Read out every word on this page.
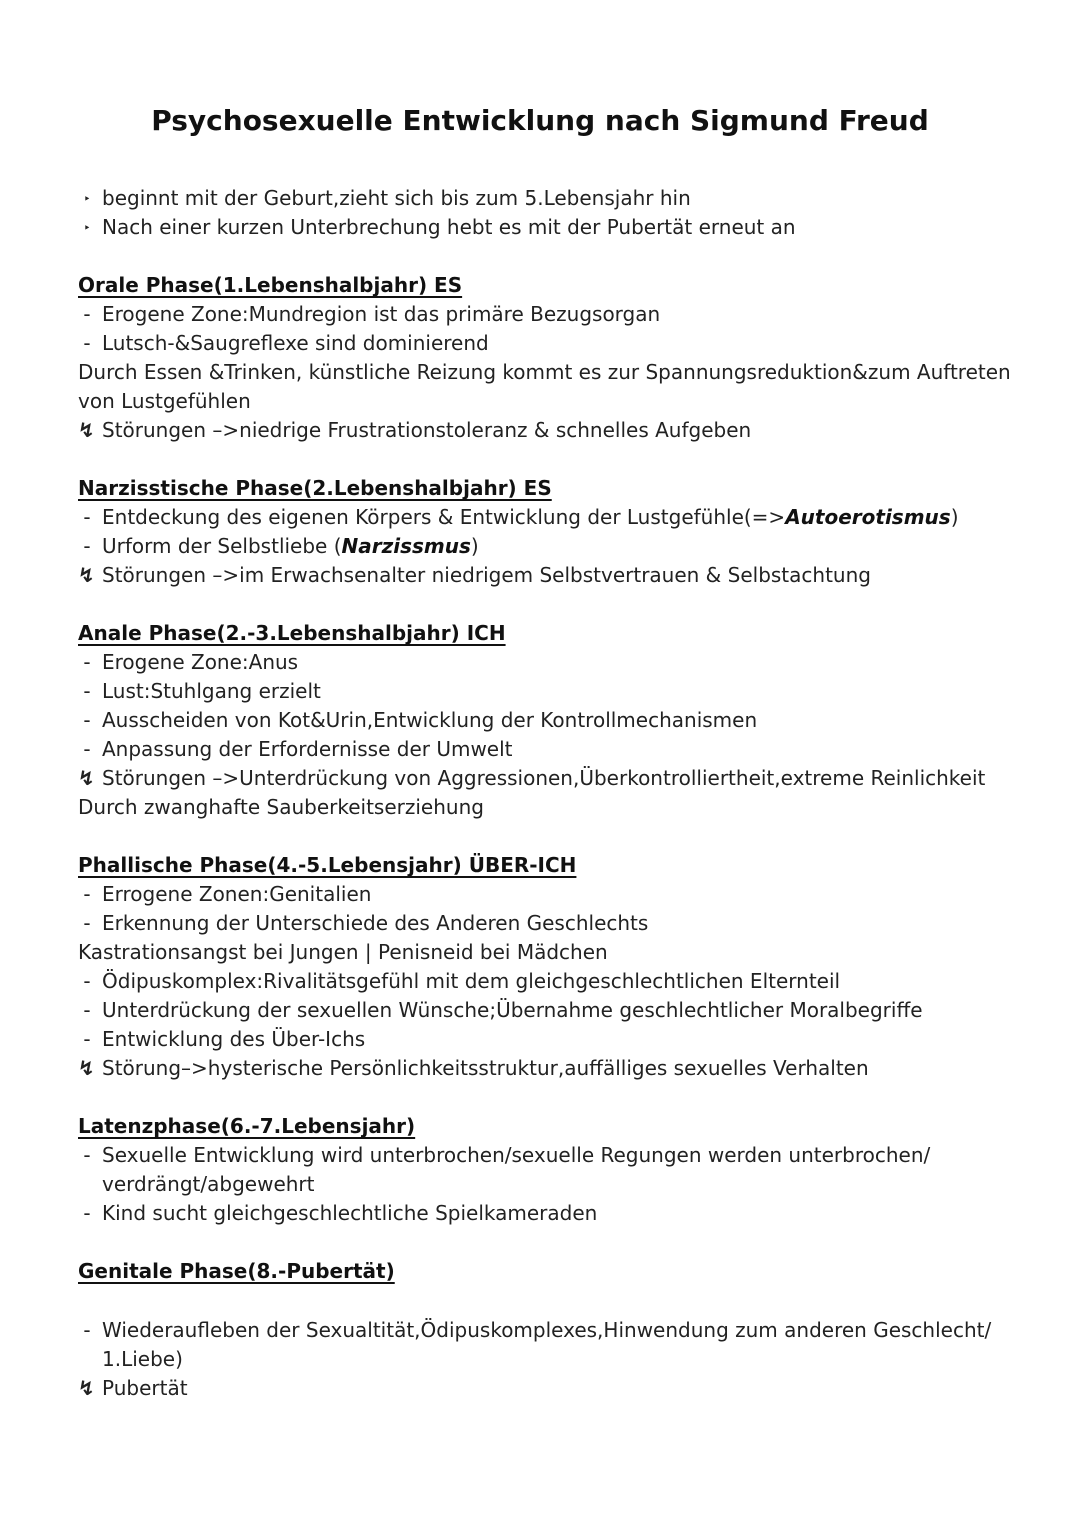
Psychosexuelle Entwicklung nach Sigmund Freud
‣ beginnt mit der Geburt,zieht sich bis zum 5.Lebensjahr hin
‣ Nach einer kurzen Unterbrechung hebt es mit der Pubertät erneut an
Orale Phase(1.Lebenshalbjahr) ES
- Erogene Zone:Mundregion ist das primäre Bezugsorgan
- Lutsch-&Saugreflexe sind dominierend
Durch Essen &Trinken, künstliche Reizung kommt es zur Spannungsreduktion&zum Auftreten
von Lustgefühlen
↯ Störungen –>niedrige Frustrationstoleranz & schnelles Aufgeben
Narzisstische Phase(2.Lebenshalbjahr) ES
- Entdeckung des eigenen Körpers & Entwicklung der Lustgefühle(=>Autoerotismus)
- Urform der Selbstliebe (Narzissmus)
↯ Störungen –>im Erwachsenalter niedrigem Selbstvertrauen & Selbstachtung
Anale Phase(2.-3.Lebenshalbjahr) ICH
- Erogene Zone:Anus
- Lust:Stuhlgang erzielt
- Ausscheiden von Kot&Urin,Entwicklung der Kontrollmechanismen
- Anpassung der Erfordernisse der Umwelt
↯ Störungen –>Unterdrückung von Aggressionen,Überkontrolliertheit,extreme Reinlichkeit
Durch zwanghafte Sauberkeitserziehung
Phallische Phase(4.-5.Lebensjahr) ÜBER-ICH
- Errogene Zonen:Genitalien
- Erkennung der Unterschiede des Anderen Geschlechts
Kastrationsangst bei Jungen | Penisneid bei Mädchen
- Ödipuskomplex:Rivalitätsgefühl mit dem gleichgeschlechtlichen Elternteil
- Unterdrückung der sexuellen Wünsche;Übernahme geschlechtlicher Moralbegriffe
- Entwicklung des Über-Ichs
↯ Störung–>hysterische Persönlichkeitsstruktur,auffälliges sexuelles Verhalten
Latenzphase(6.-7.Lebensjahr)
- Sexuelle Entwicklung wird unterbrochen/sexuelle Regungen werden unterbrochen/
verdrängt/abgewehrt
- Kind sucht gleichgeschlechtliche Spielkameraden
Genitale Phase(8.-Pubertät)
- Wiederaufleben der Sexualtität,Ödipuskomplexes,Hinwendung zum anderen Geschlecht/
1.Liebe)
↯ Pubertät
